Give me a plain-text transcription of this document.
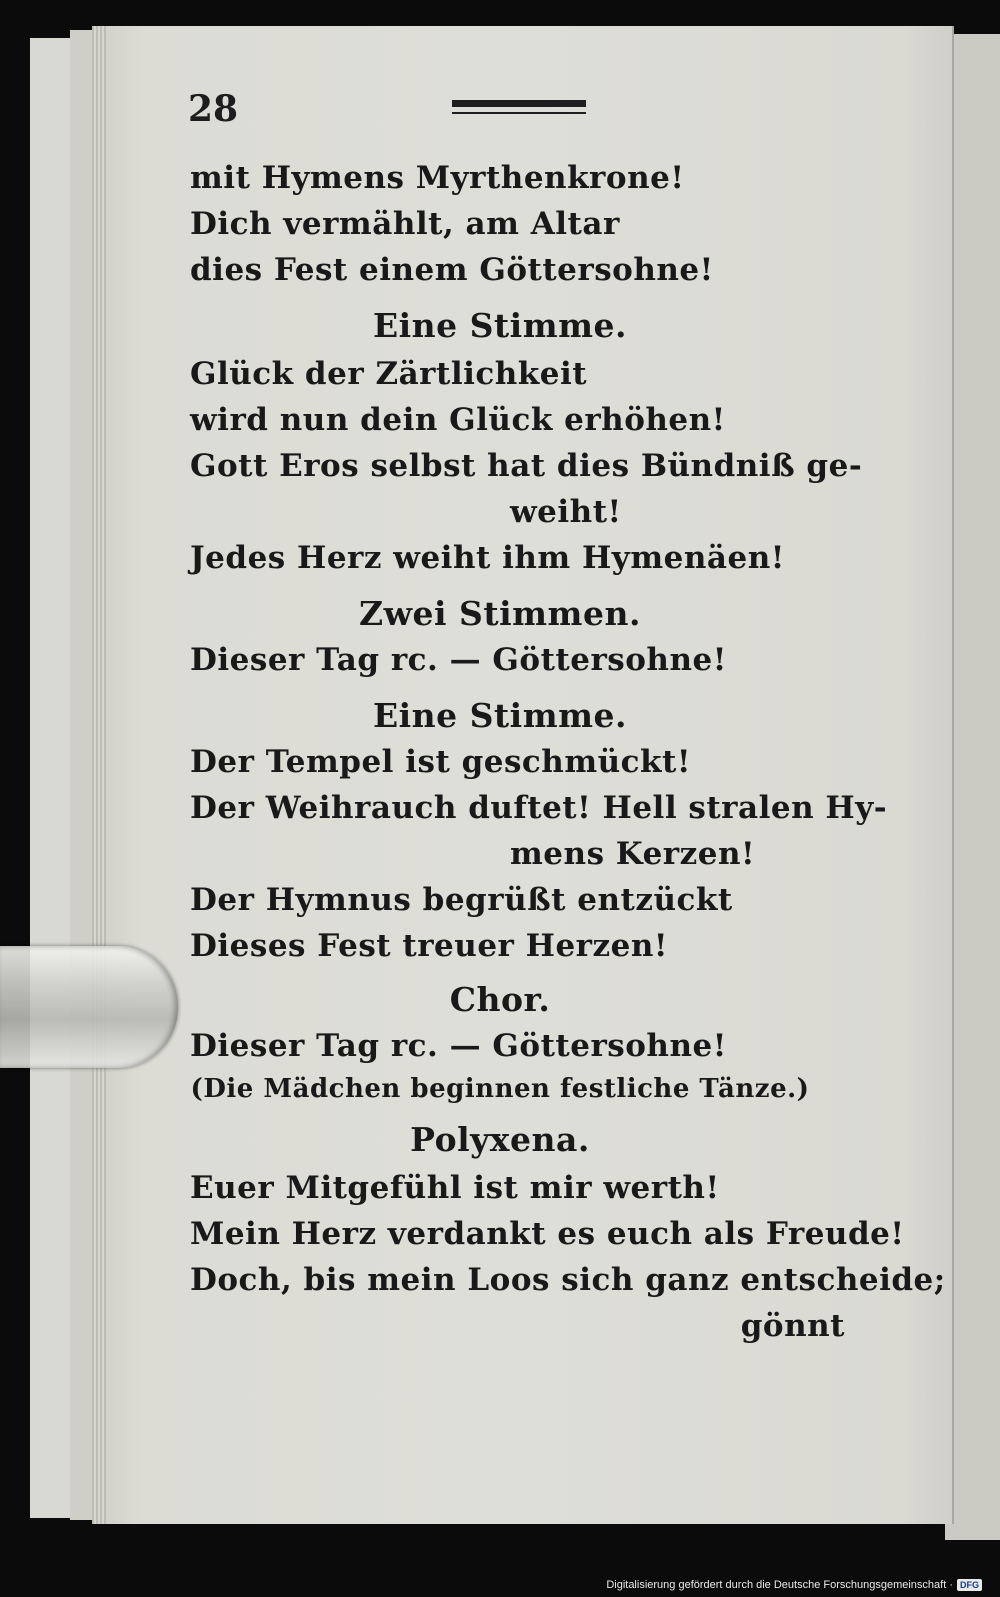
28
mit Hymens Myrthenkrone!
Dich vermählt, am Altar
dies Fest einem Göttersohne!
Eine Stimme.
Glück der Zärtlichkeit
wird nun dein Glück erhöhen!
Gott Eros selbst hat dies Bündniß ge-
weiht!
Jedes Herz weiht ihm Hymenäen!
Zwei Stimmen.
Dieser Tag rc. — Göttersohne!
Eine Stimme.
Der Tempel ist geschmückt!
Der Weihrauch duftet! Hell stralen Hy-
mens Kerzen!
Der Hymnus begrüßt entzückt
Dieses Fest treuer Herzen!
Chor.
Dieser Tag rc. — Göttersohne!
(Die Mädchen beginnen festliche Tänze.)
Polyxena.
Euer Mitgefühl ist mir werth!
Mein Herz verdankt es euch als Freude!
Doch, bis mein Loos sich ganz entscheide;
gönnt
Digitalisierung gefördert durch die Deutsche Forschungsgemeinschaft · DFG
